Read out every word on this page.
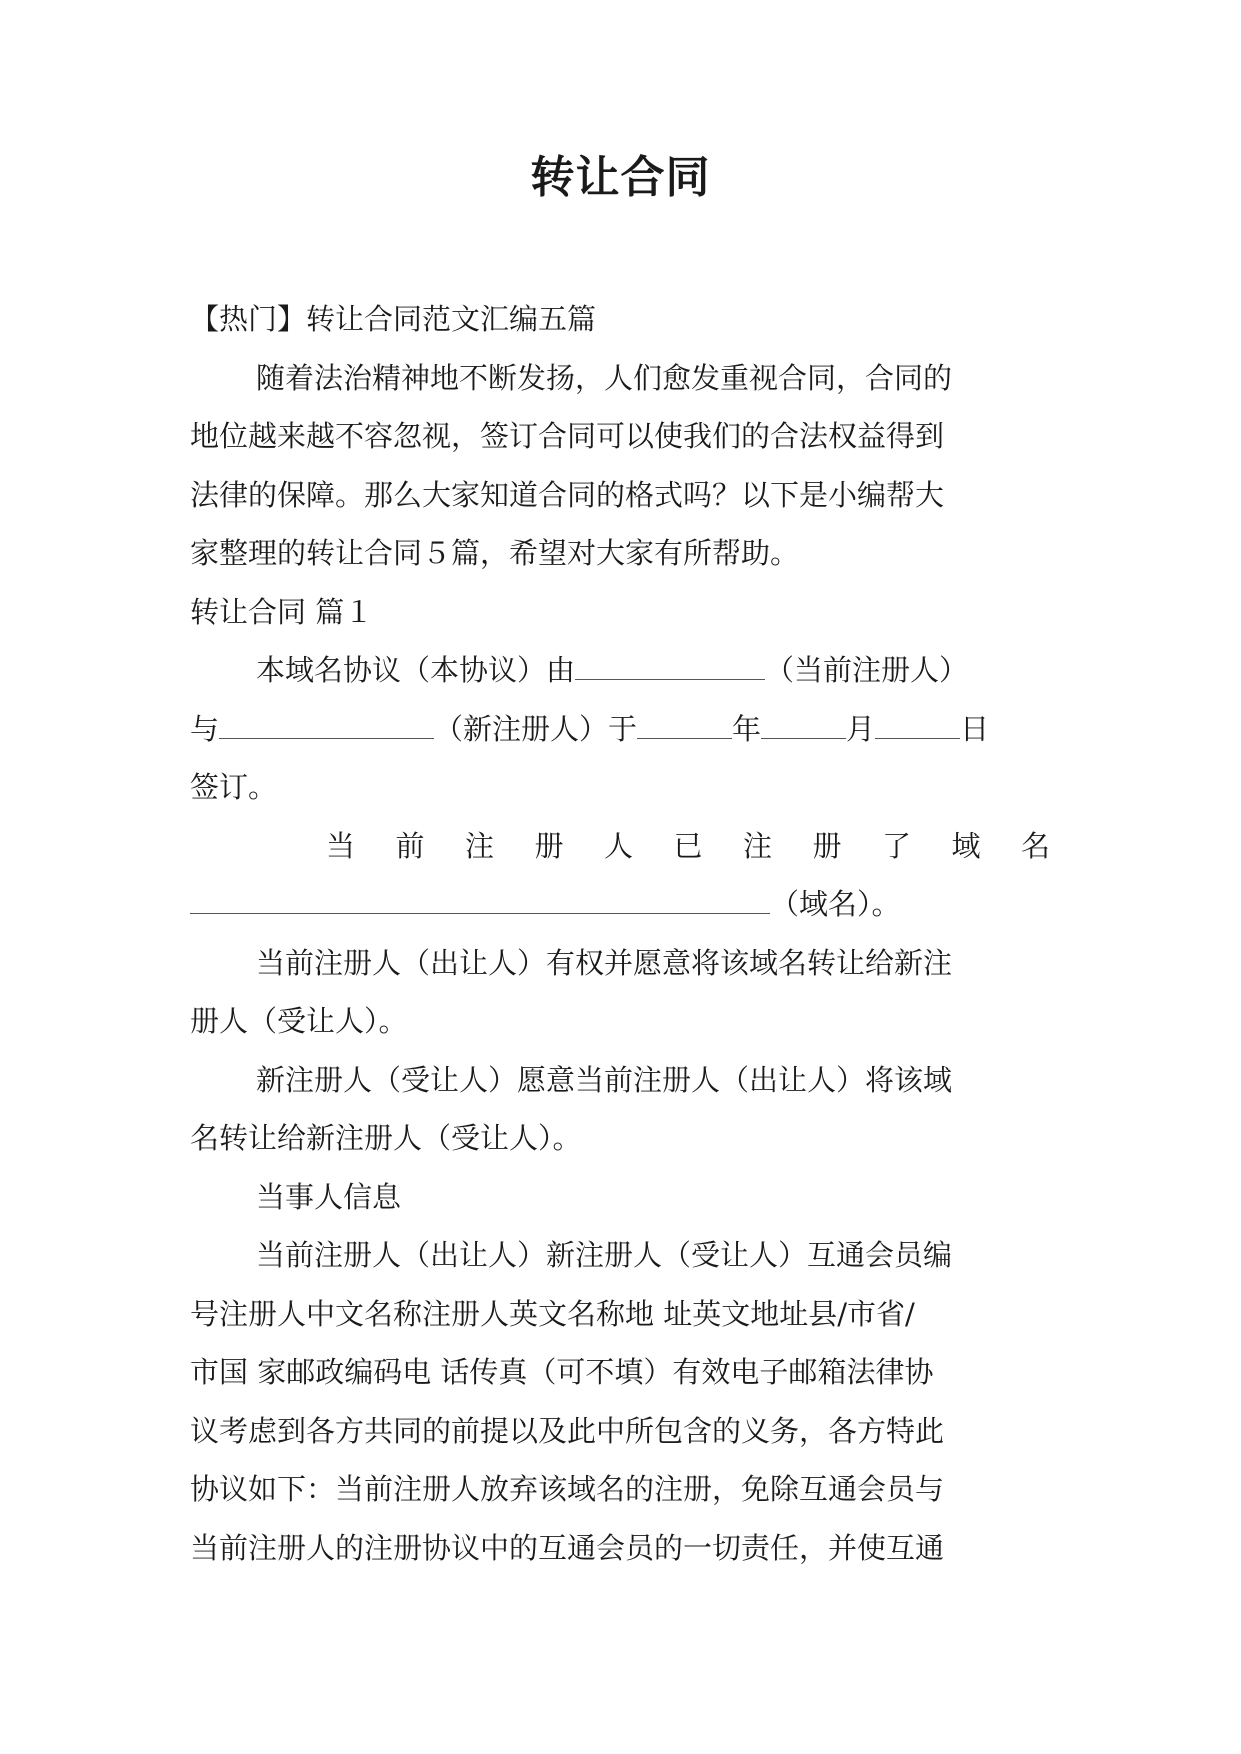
转让合同
【热门】转让合同范文汇编五篇
随着法治精神地不断发扬，人们愈发重视合同，合同的
地位越来越不容忽视，签订合同可以使我们的合法权益得到
法律的保障。那么大家知道合同的格式吗？以下是小编帮大
家整理的转让合同５篇，希望对大家有所帮助。
转让合同 篇１
本域名协议（本协议）由	（当前注册人）
与	（新注册人）于	年	月	日
签订。
当 前 注 册 人 已 注 册 了 域 名
（域名）。
当前注册人（出让人）有权并愿意将该域名转让给新注
册人（受让人）。
新注册人（受让人）愿意当前注册人（出让人）将该域
名转让给新注册人（受让人）。
当事人信息
当前注册人（出让人）新注册人（受让人）互通会员编
号注册人中文名称注册人英文名称地 址英文地址县/市省/
市国 家邮政编码电 话传真（可不填）有效电子邮箱法律协
议考虑到各方共同的前提以及此中所包含的义务，各方特此
协议如下：当前注册人放弃该域名的注册，免除互通会员与
当前注册人的注册协议中的互通会员的一切责任，并使互通
